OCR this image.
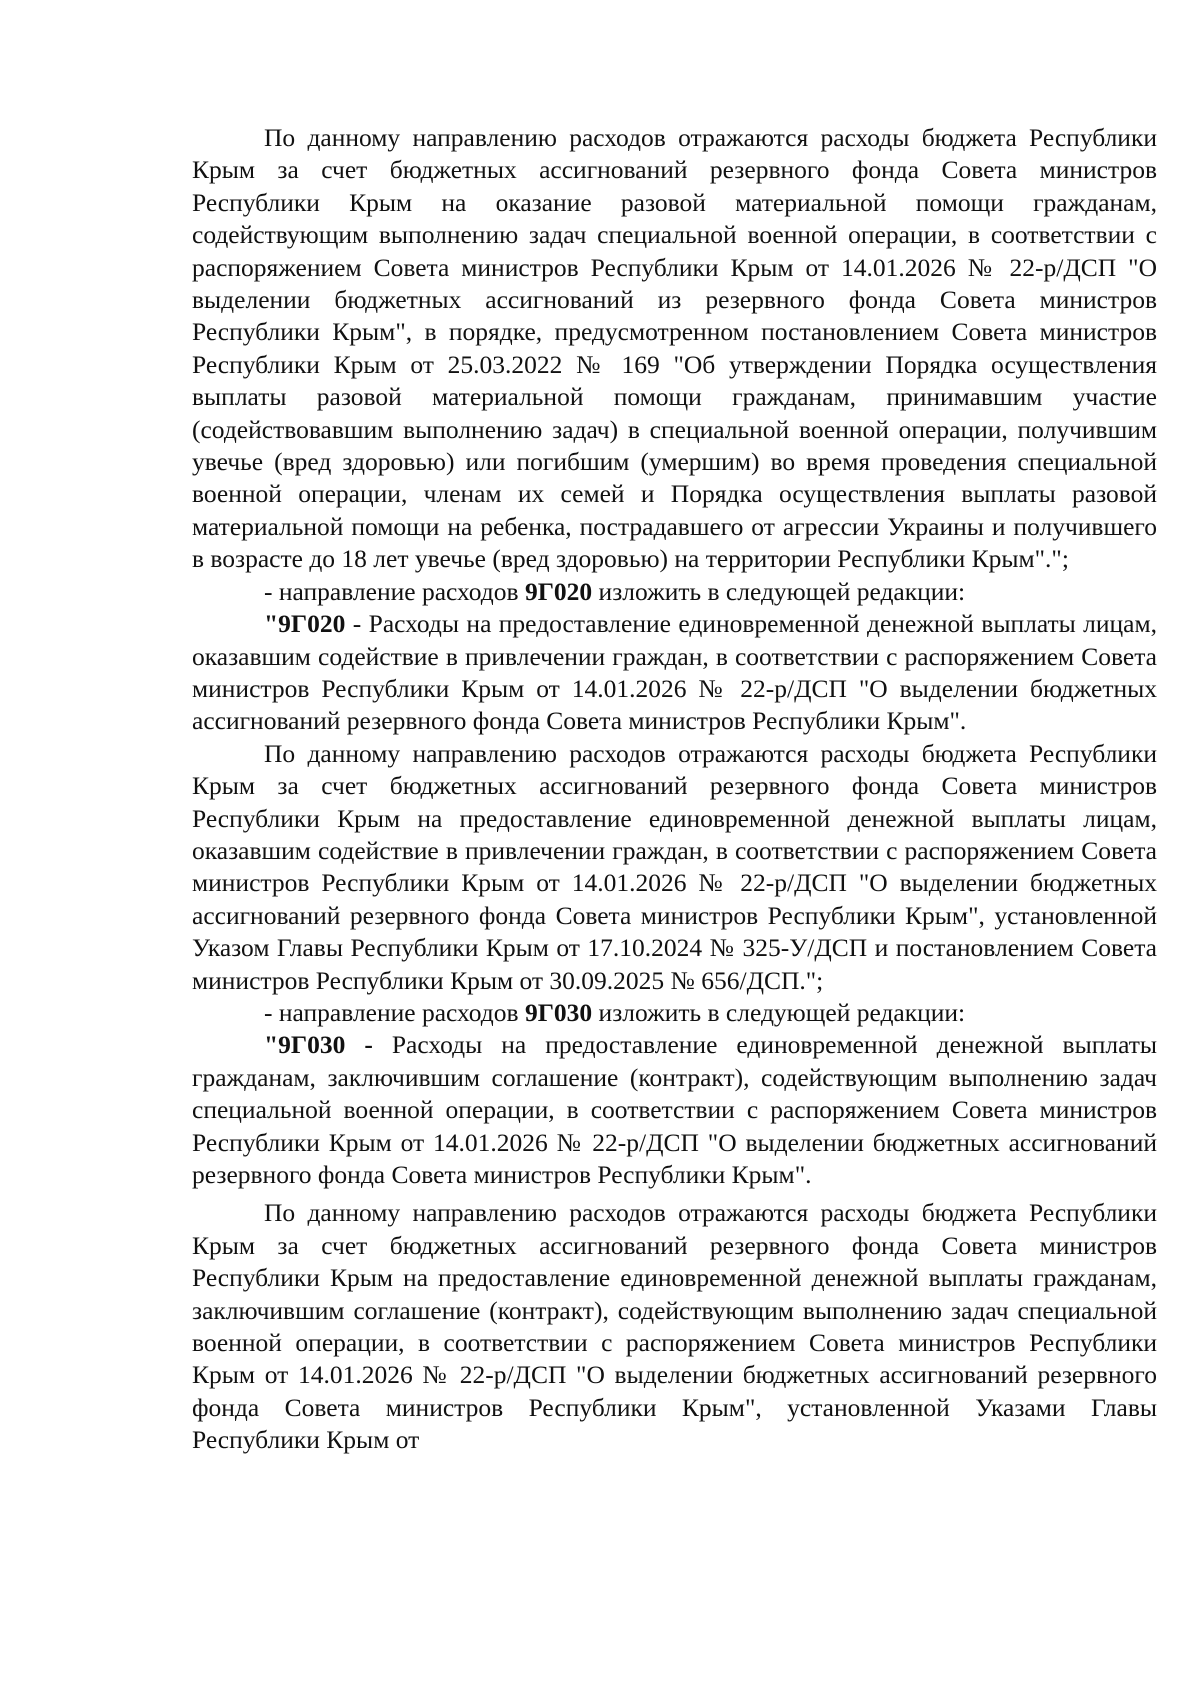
По данному направлению расходов отражаются расходы бюджета Республики Крым за счет бюджетных ассигнований резервного фонда Совета министров Республики Крым на оказание разовой материальной помощи гражданам, содействующим выполнению задач специальной военной операции, в соответствии с распоряжением Совета министров Республики Крым от 14.01.2026 № 22-р/ДСП "О выделении бюджетных ассигнований из резервного фонда Совета министров Республики Крым", в порядке, предусмотренном постановлением Совета министров Республики Крым от 25.03.2022 № 169 "Об утверждении Порядка осуществления выплаты разовой материальной помощи гражданам, принимавшим участие (содействовавшим выполнению задач) в специальной военной операции, получившим увечье (вред здоровью) или погибшим (умершим) во время проведения специальной военной операции, членам их семей и Порядка осуществления выплаты разовой материальной помощи на ребенка, пострадавшего от агрессии Украины и получившего в возрасте до 18 лет увечье (вред здоровью) на территории Республики Крым".";

- направление расходов 9Г020 изложить в следующей редакции:

"9Г020 - Расходы на предоставление единовременной денежной выплаты лицам, оказавшим содействие в привлечении граждан, в соответствии с распоряжением Совета министров Республики Крым от 14.01.2026 № 22-р/ДСП "О выделении бюджетных ассигнований резервного фонда Совета министров Республики Крым".

По данному направлению расходов отражаются расходы бюджета Республики Крым за счет бюджетных ассигнований резервного фонда Совета министров Республики Крым на предоставление единовременной денежной выплаты лицам, оказавшим содействие в привлечении граждан, в соответствии с распоряжением Совета министров Республики Крым от 14.01.2026 № 22-р/ДСП "О выделении бюджетных ассигнований резервного фонда Совета министров Республики Крым", установленной Указом Главы Республики Крым от 17.10.2024 № 325-У/ДСП и постановлением Совета министров Республики Крым от 30.09.2025 № 656/ДСП.";

- направление расходов 9Г030 изложить в следующей редакции:

"9Г030 - Расходы на предоставление единовременной денежной выплаты гражданам, заключившим соглашение (контракт), содействующим выполнению задач специальной военной операции, в соответствии с распоряжением Совета министров Республики Крым от 14.01.2026 № 22-р/ДСП "О выделении бюджетных ассигнований резервного фонда Совета министров Республики Крым".

По данному направлению расходов отражаются расходы бюджета Республики Крым за счет бюджетных ассигнований резервного фонда Совета министров Республики Крым на предоставление единовременной денежной выплаты гражданам, заключившим соглашение (контракт), содействующим выполнению задач специальной военной операции, в соответствии с распоряжением Совета министров Республики Крым от 14.01.2026 № 22-р/ДСП "О выделении бюджетных ассигнований резервного фонда Совета министров Республики Крым", установленной Указами Главы Республики Крым от
